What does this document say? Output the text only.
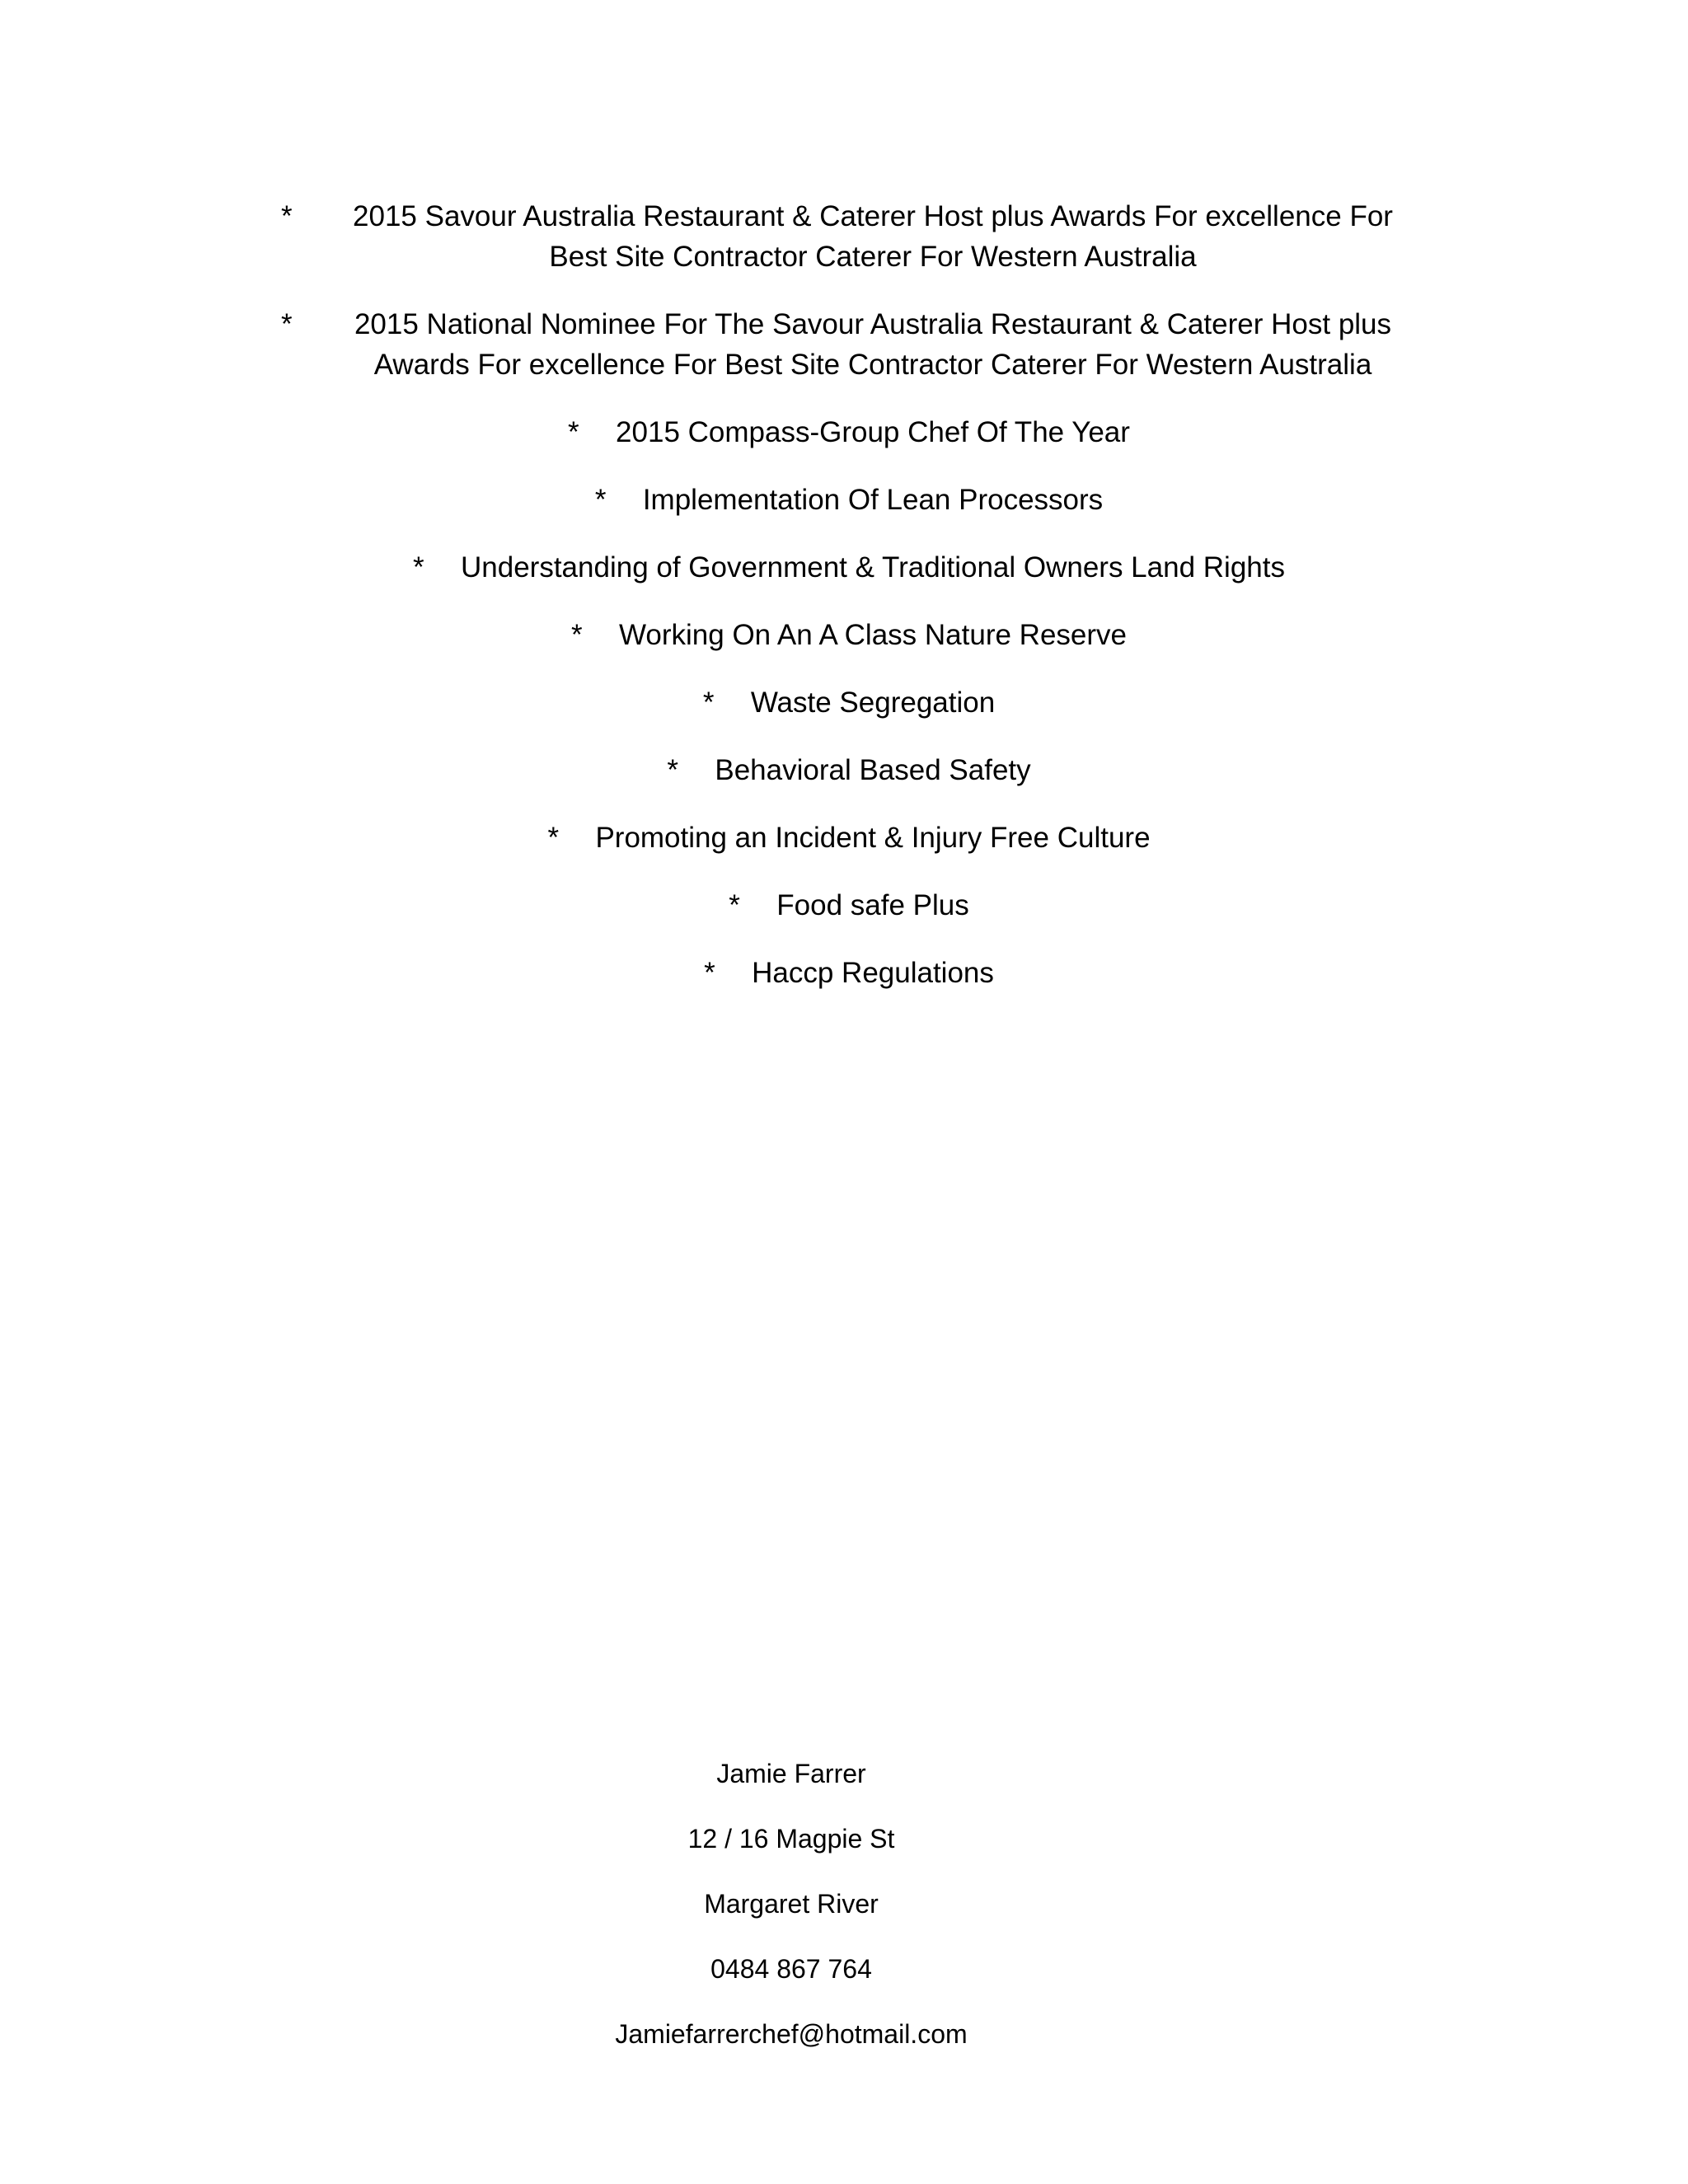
*	2015 Savour Australia Restaurant & Caterer Host plus Awards For excellence For Best Site Contractor Caterer For Western Australia
*	2015 National Nominee For The Savour Australia Restaurant & Caterer Host plus Awards For excellence For Best Site Contractor Caterer For Western Australia
*	2015 Compass-Group Chef Of The Year
*	Implementation Of Lean Processors
*	Understanding of Government & Traditional Owners Land Rights
*	Working On An A Class Nature Reserve
*	Waste Segregation
*	Behavioral Based Safety
*	Promoting an Incident & Injury Free Culture
*	Food safe Plus
*	Haccp Regulations
Jamie Farrer
12 / 16 Magpie St
Margaret River
0484 867 764
Jamiefarrerchef@hotmail.com
